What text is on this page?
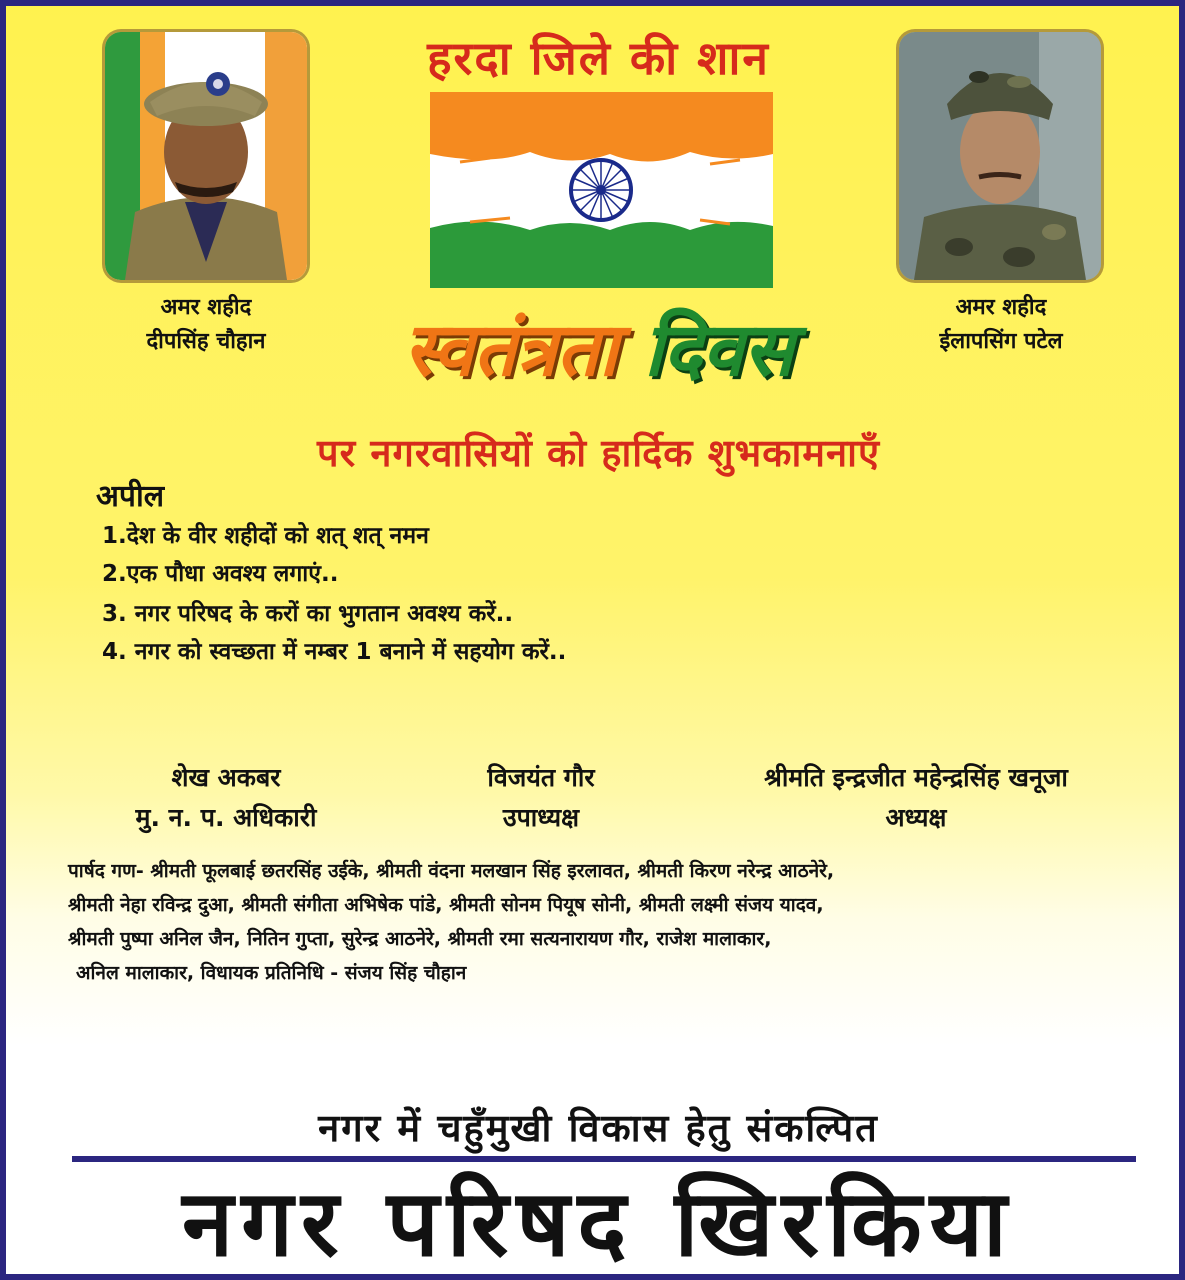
हरदा जिले की शान
अमर शहीद
दीपसिंह चौहान
अमर शहीद
ईलापसिंग पटेल
स्वतंत्रता दिवस
पर नगरवासियों को हार्दिक शुभकामनाएँ
अपील
1.देश के वीर शहीदों को शत् शत् नमन
2.एक पौधा अवश्य लगाएं..
3. नगर परिषद के करों का भुगतान अवश्य करें..
4. नगर को स्वच्छता में नम्बर 1 बनाने में सहयोग करें..
शेख अकबर
मु. न. प. अधिकारी
विजयंत गौर
उपाध्यक्ष
श्रीमति इन्द्रजीत महेन्द्रसिंह खनूजा
अध्यक्ष
पार्षद गण- श्रीमती फूलबाई छतरसिंह उईके, श्रीमती वंदना मलखान सिंह इरलावत, श्रीमती किरण नरेन्द्र आठनेरे,
श्रीमती नेहा रविन्द्र दुआ, श्रीमती संगीता अभिषेक पांडे, श्रीमती सोनम पियूष सोनी, श्रीमती लक्ष्मी संजय यादव,
श्रीमती पुष्पा अनिल जैन, नितिन गुप्ता, सुरेन्द्र आठनेरे, श्रीमती रमा सत्यनारायण गौर, राजेश मालाकार,
अनिल मालाकार, विधायक प्रतिनिधि - संजय सिंह चौहान
नगर में चहुँमुखी विकास हेतु संकल्पित
नगर परिषद खिरकिया
